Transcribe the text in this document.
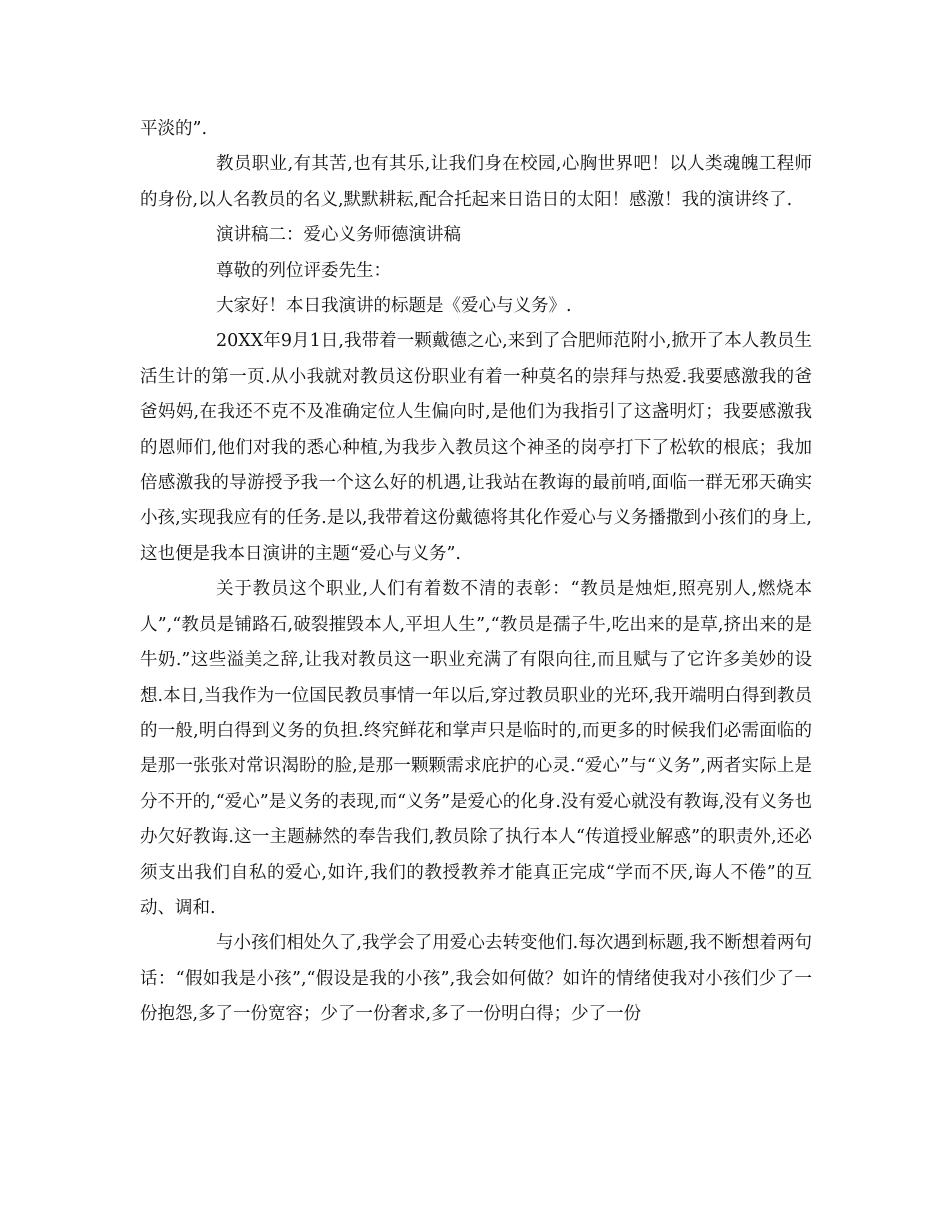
平淡的”.

教员职业,有其苦,也有其乐,让我们身在校园,心胸世界吧！以人类魂魄工程师的身份,以人名教员的名义,默默耕耘,配合托起来日诰日的太阳！感激！我的演讲终了.

演讲稿二：爱心义务师德演讲稿

尊敬的列位评委先生：

大家好！本日我演讲的标题是《爱心与义务》.

20XX年9月1日,我带着一颗戴德之心,来到了合肥师范附小,掀开了本人教员生活生计的第一页.从小我就对教员这份职业有着一种莫名的崇拜与热爱.我要感激我的爸爸妈妈,在我还不克不及准确定位人生偏向时,是他们为我指引了这盏明灯；我要感激我的恩师们,他们对我的悉心种植,为我步入教员这个神圣的岗亭打下了松软的根底；我加倍感激我的导游授予我一个这么好的机遇,让我站在教诲的最前哨,面临一群无邪天确实小孩,实现我应有的任务.是以,我带着这份戴德将其化作爱心与义务播撒到小孩们的身上,这也便是我本日演讲的主题“爱心与义务”.

关于教员这个职业,人们有着数不清的表彰：“教员是烛炬,照亮别人,燃烧本人”,“教员是铺路石,破裂摧毁本人,平坦人生”,“教员是孺子牛,吃出来的是草,挤出来的是牛奶.”这些溢美之辞,让我对教员这一职业充满了有限向往,而且赋与了它许多美妙的设想.本日,当我作为一位国民教员事情一年以后,穿过教员职业的光环,我开端明白得到教员的一般,明白得到义务的负担.终究鲜花和掌声只是临时的,而更多的时候我们必需面临的是那一张张对常识渴盼的脸,是那一颗颗需求庇护的心灵.“爱心”与“义务”,两者实际上是分不开的,“爱心”是义务的表现,而“义务”是爱心的化身.没有爱心就没有教诲,没有义务也办欠好教诲.这一主题赫然的奉告我们,教员除了执行本人“传道授业解惑”的职责外,还必须支出我们自私的爱心,如许,我们的教授教养才能真正完成“学而不厌,诲人不倦”的互动、调和.

与小孩们相处久了,我学会了用爱心去转变他们.每次遇到标题,我不断想着两句话：“假如我是小孩”,“假设是我的小孩”,我会如何做？如许的情绪使我对小孩们少了一份抱怨,多了一份宽容；少了一份奢求,多了一份明白得；少了一份
